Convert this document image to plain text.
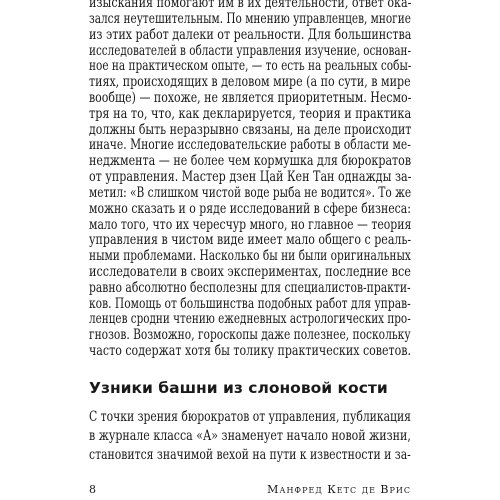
изыскания помогают им в их деятельности, ответ ока-
зался неутешительным. По мнению управленцев, многие
из этих работ далеки от реальности. Для большинства
исследователей в области управления изучение, основан-
ное на практическом опыте, — то есть на реальных собы-
тиях, происходящих в деловом мире (а по сути, в мире
вообще) — похоже, не является приоритетным. Несмо-
тря на то, что, как декларируется, теория и практика
должны быть неразрывно связаны, на деле происходит
иначе. Многие исследовательские работы в области ме-
неджмента — не более чем кормушка для бюрократов
от управления. Мастер дзен Цай Кен Тан однажды за-
метил: «В слишком чистой воде рыба не водится». То же
можно сказать и о ряде исследований в сфере бизнеса:
мало того, что их чересчур много, но главное — теория
управления в чистом виде имеет мало общего с реаль-
ными проблемами. Насколько бы ни были оригинальных
исследователи в своих экспериментах, последние все
равно абсолютно бесполезны для специалистов-практи-
ков. Помощь от большинства подобных работ для управ-
ленцев сродни чтению ежедневных астрологических про-
гнозов. Возможно, гороскопы даже полезнее, поскольку
часто содержат хотя бы толику практических советов.
Узники башни из слоновой кости
С точки зрения бюрократов от управления, публикация
в журнале класса «А» знаменует начало новой жизни,
становится значимой вехой на пути к известности и за-
8	Манфред Кетс де Врис
